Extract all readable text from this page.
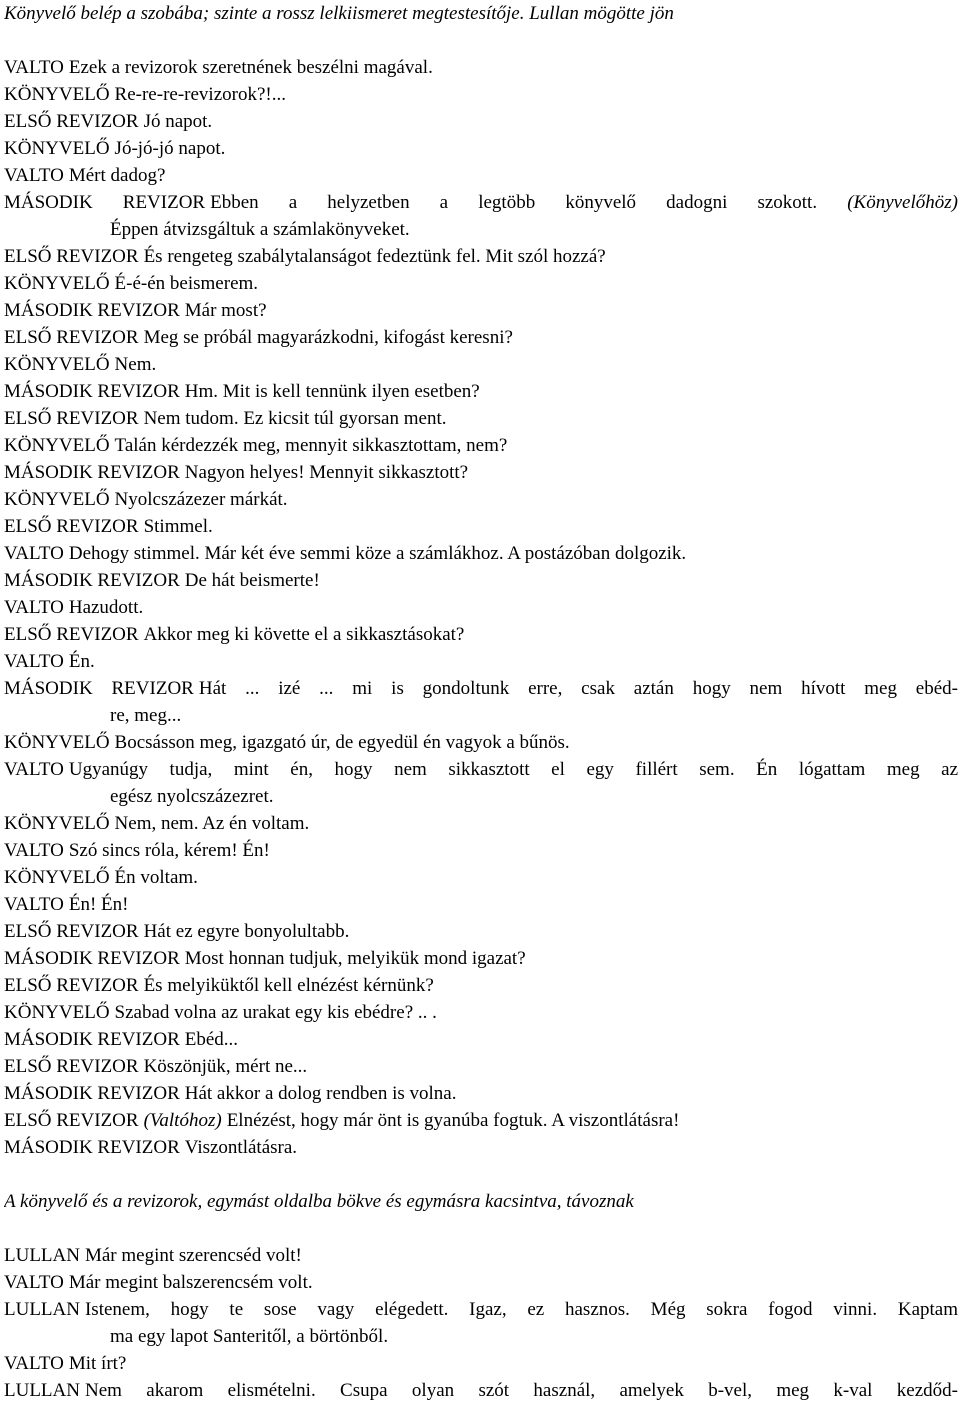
Könyvelő belép a szobába; szinte a rossz lelkiismeret megtestesítője. Lullan mögötte jön
VALTO Ezek a revizorok szeretnének beszélni magával.
KÖNYVELŐ Re-re-re-revizorok?!...
ELSŐ REVIZOR Jó napot.
KÖNYVELŐ Jó-jó-jó napot.
VALTO Mért dadog?
MÁSODIK REVIZOR Ebben a helyzetben a legtöbb könyvelő dadogni szokott. (Könyvelőhöz)
Éppen átvizsgáltuk a számlakönyveket.
ELSŐ REVIZOR És rengeteg szabálytalanságot fedeztünk fel. Mit szól hozzá?
KÖNYVELŐ É-é-én beismerem.
MÁSODIK REVIZOR Már most?
ELSŐ REVIZOR Meg se próbál magyarázkodni, kifogást keresni?
KÖNYVELŐ Nem.
MÁSODIK REVIZOR Hm. Mit is kell tennünk ilyen esetben?
ELSŐ REVIZOR Nem tudom. Ez kicsit túl gyorsan ment.
KÖNYVELŐ Talán kérdezzék meg, mennyit sikkasztottam, nem?
MÁSODIK REVIZOR Nagyon helyes! Mennyit sikkasztott?
KÖNYVELŐ Nyolcszázezer márkát.
ELSŐ REVIZOR Stimmel.
VALTO Dehogy stimmel. Már két éve semmi köze a számlákhoz. A postázóban dolgozik.
MÁSODIK REVIZOR De hát beismerte!
VALTO Hazudott.
ELSŐ REVIZOR Akkor meg ki követte el a sikkasztásokat?
VALTO Én.
MÁSODIK REVIZOR Hát ... izé ... mi is gondoltunk erre, csak aztán hogy nem hívott meg ebéd-
re, meg...
KÖNYVELŐ Bocsásson meg, igazgató úr, de egyedül én vagyok a bűnös.
VALTO Ugyanúgy tudja, mint én, hogy nem sikkasztott el egy fillért sem. Én lógattam meg az
egész nyolcszázezret.
KÖNYVELŐ Nem, nem. Az én voltam.
VALTO Szó sincs róla, kérem! Én!
KÖNYVELŐ Én voltam.
VALTO Én! Én!
ELSŐ REVIZOR Hát ez egyre bonyolultabb.
MÁSODIK REVIZOR Most honnan tudjuk, melyikük mond igazat?
ELSŐ REVIZOR És melyiküktől kell elnézést kérnünk?
KÖNYVELŐ Szabad volna az urakat egy kis ebédre? .. .
MÁSODIK REVIZOR Ebéd...
ELSŐ REVIZOR Köszönjük, mért ne...
MÁSODIK REVIZOR Hát akkor a dolog rendben is volna.
ELSŐ REVIZOR (Valtóhoz) Elnézést, hogy már önt is gyanúba fogtuk. A viszontlátásra!
MÁSODIK REVIZOR Viszontlátásra.
A könyvelő és a revizorok, egymást oldalba bökve és egymásra kacsintva, távoznak
LULLAN Már megint szerencséd volt!
VALTO Már megint balszerencsém volt.
LULLAN Istenem, hogy te sose vagy elégedett. Igaz, ez hasznos. Még sokra fogod vinni. Kaptam
ma egy lapot Santeritől, a börtönből.
VALTO Mit írt?
LULLAN Nem akarom elismételni. Csupa olyan szót használ, amelyek b-vel, meg k-val kezdőd-
